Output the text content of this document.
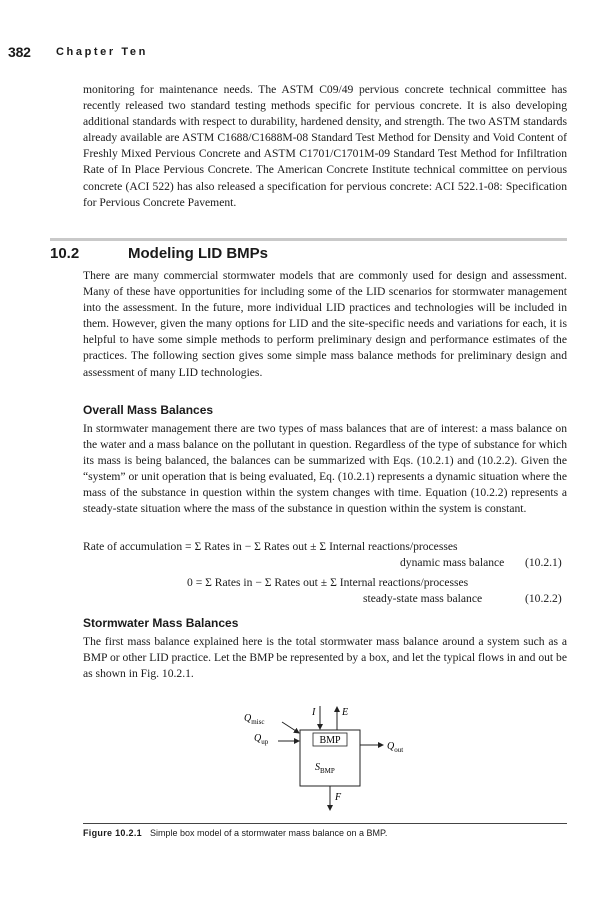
382 Chapter Ten

monitoring for maintenance needs. The ASTM C09/49 pervious concrete technical committee has recently released two standard testing methods specific for pervious concrete. It is also developing additional standards with respect to durability, hardened density, and strength. The two ASTM standards already available are ASTM C1688/C1688M-08 Standard Test Method for Density and Void Content of Freshly Mixed Pervious Concrete and ASTM C1701/C1701M-09 Standard Test Method for Infiltration Rate of In Place Pervious Concrete. The American Concrete Institute technical committee on pervious concrete (ACI 522) has also released a specification for pervious concrete: ACI 522.1-08: Specification for Pervious Concrete Pavement.

10.2	Modeling LID BMPs

There are many commercial stormwater models that are commonly used for design and assessment. Many of these have opportunities for including some of the LID scenarios for stormwater management into the assessment. In the future, more individual LID practices and technologies will be included in them. However, given the many options for LID and the site-specific needs and variations for each, it is helpful to have some simple methods to perform preliminary design and performance estimates of the practices. The following section gives some simple mass balance methods for preliminary design and assessment of many LID technologies.

Overall Mass Balances

In stormwater management there are two types of mass balances that are of interest: a mass balance on the water and a mass balance on the pollutant in question. Regardless of the type of substance for which its mass is being balanced, the balances can be summarized with Eqs. (10.2.1) and (10.2.2). Given the “system” or unit operation that is being evaluated, Eq. (10.2.1) represents a dynamic situation where the mass of the substance in question within the system changes with time. Equation (10.2.2) represents a steady-state situation where the mass of the substance in question within the system is constant.

Rate of accumulation = Σ Rates in − Σ Rates out ± Σ Internal reactions/processes
dynamic mass balance (10.2.1)
0 = Σ Rates in − Σ Rates out ± Σ Internal reactions/processes
steady-state mass balance	(10.2.2)
Stormwater Mass Balances

The first mass balance explained here is the total stormwater mass balance around a system such as a BMP or other LID practice. Let the BMP be represented by a box, and let the typical flows in and out be as shown in Fig. 10.2.1.

BMP
I	E
$Q_{misc}$
$Q_{up}$	$Q_{out}$
$S_{BMP}$
F
Figure 10.2.1 Simple box model of a stormwater mass balance on a BMP.
